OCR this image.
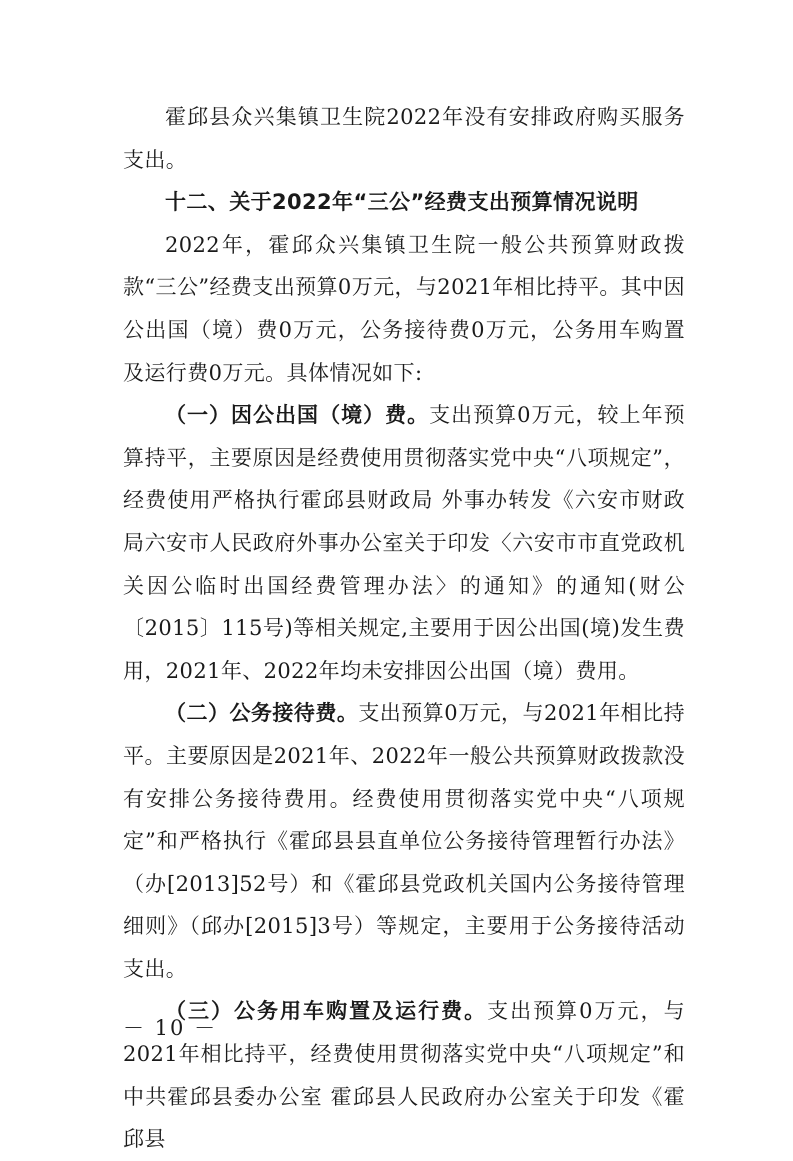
霍邱县众兴集镇卫生院2022年没有安排政府购买服务支出。

十二、关于2022年“三公”经费支出预算情况说明

2022年，霍邱众兴集镇卫生院一般公共预算财政拨款“三公”经费支出预算0万元，与2021年相比持平。其中因公出国（境）费0万元，公务接待费0万元，公务用车购置及运行费0万元。具体情况如下:

（一）因公出国（境）费。支出预算0万元，较上年预算持平，主要原因是经费使用贯彻落实党中央“八项规定”，经费使用严格执行霍邱县财政局 外事办转发《六安市财政局六安市人民政府外事办公室关于印发〈六安市市直党政机关因公临时出国经费管理办法〉的通知》的通知(财公〔2015〕115号)等相关规定,主要用于因公出国(境)发生费用，2021年、2022年均未安排因公出国（境）费用。

（二）公务接待费。支出预算0万元，与2021年相比持平。主要原因是2021年、2022年一般公共预算财政拨款没有安排公务接待费用。经费使用贯彻落实党中央“八项规定”和严格执行《霍邱县县直单位公务接待管理暂行办法》（办[2013]52号）和《霍邱县党政机关国内公务接待管理细则》（邱办[2015]3号）等规定，主要用于公务接待活动支出。

（三）公务用车购置及运行费。支出预算0万元，与2021年相比持平，经费使用贯彻落实党中央“八项规定”和中共霍邱县委办公室 霍邱县人民政府办公室关于印发《霍邱县

－ 10 －
